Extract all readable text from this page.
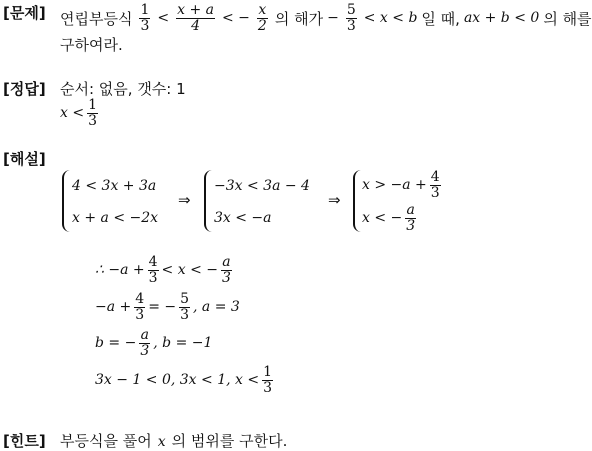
[문제] 연립부등식 $\frac{1}{3} < \frac{x + a}{4}$ < − $\frac{x}{2}$ 의 해가 − $\frac{5}{3} < x < b$ 일 때, ax + b < 0 의 해를
구하여라.
[정답] 순서: 없음, 갯수: 1
$x < \frac{1}{3}$
[해설]
4 < 3x + 3a
x + a < −2x
⇒
−3x < 3a − 4
3x < −a
⇒
$x > -a + \frac{4}{3}$
x < − $\frac{a}{3}$
∴ $-a + \frac{4}{3} < x$ < − $\frac{a}{3}$
$-a + \frac{4}{3}$ = − $\frac{5}{3}$ , a = 3
b = − $\frac{a}{3}$ , b = −1
3x − 1 < 0, 3x < 1, $x < \frac{1}{3}$
[힌트] 부등식을 풀어 x 의 범위를 구한다.
